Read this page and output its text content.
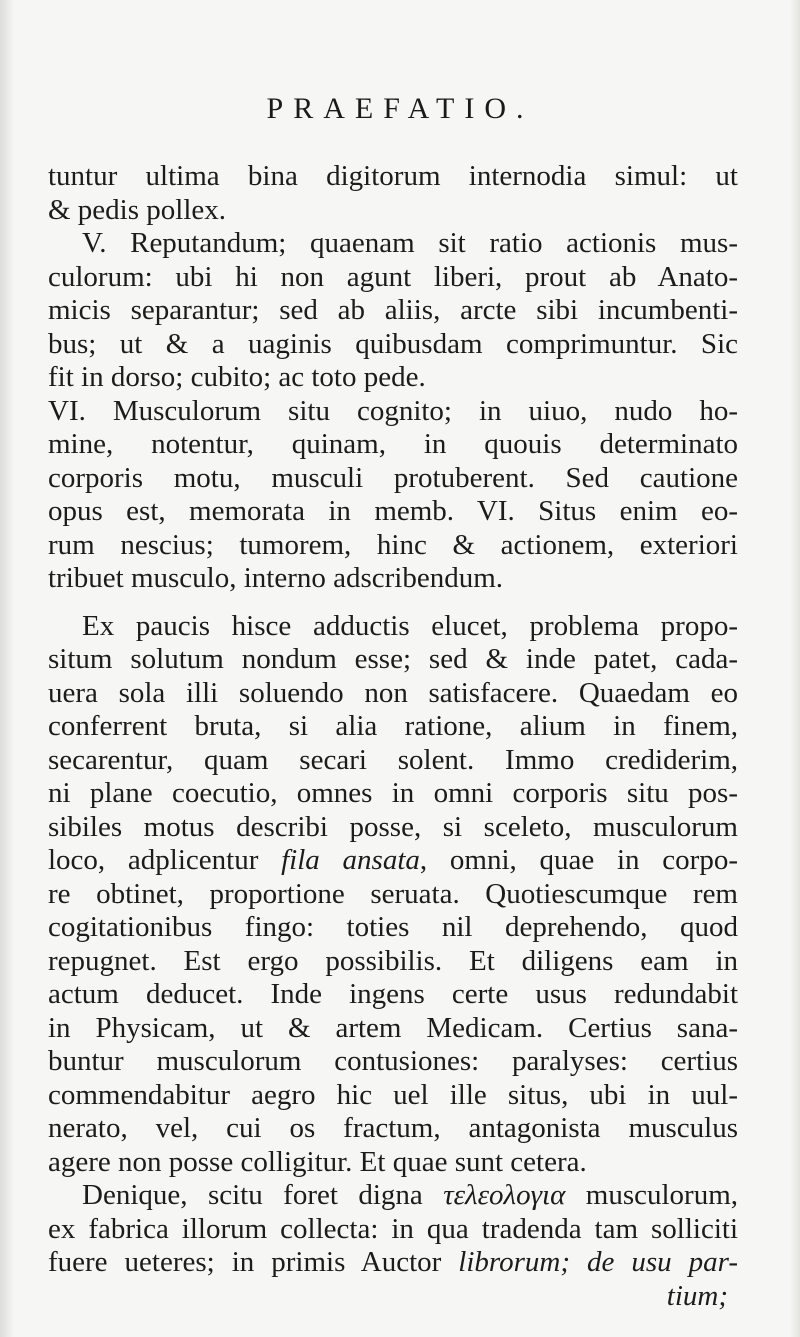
PRAEFATIO.
tuntur ultima bina digitorum internodia simul: ut
& pedis pollex.
V. Reputandum; quaenam sit ratio actionis mus-
culorum: ubi hi non agunt liberi, prout ab Anato-
micis separantur; sed ab aliis, arcte sibi incumbenti-
bus; ut & a uaginis quibusdam comprimuntur. Sic
fit in dorso; cubito; ac toto pede.
VI. Musculorum situ cognito; in uiuo, nudo ho-
mine, notentur, quinam, in quouis determinato
corporis motu, musculi protuberent. Sed cautione
opus est, memorata in memb. VI. Situs enim eo-
rum nescius; tumorem, hinc & actionem, exteriori
tribuet musculo, interno adscribendum.
Ex paucis hisce adductis elucet, problema propo-
situm solutum nondum esse; sed & inde patet, cada-
uera sola illi soluendo non satisfacere. Quaedam eo
conferrent bruta, si alia ratione, alium in finem,
secarentur, quam secari solent. Immo crediderim,
ni plane coecutio, omnes in omni corporis situ pos-
sibiles motus describi posse, si sceleto, musculorum
loco, adplicentur fila ansata, omni, quae in corpo-
re obtinet, proportione seruata. Quotiescumque rem
cogitationibus fingo: toties nil deprehendo, quod
repugnet. Est ergo possibilis. Et diligens eam in
actum deducet. Inde ingens certe usus redundabit
in Physicam, ut & artem Medicam. Certius sana-
buntur musculorum contusiones: paralyses: certius
commendabitur aegro hic uel ille situs, ubi in uul-
nerato, vel, cui os fractum, antagonista musculus
agere non posse colligitur. Et quae sunt cetera.
Denique, scitu foret digna τελεολογια musculorum,
ex fabrica illorum collecta: in qua tradenda tam solliciti
fuere ueteres; in primis Auctor librorum; de usu par-
tium;
